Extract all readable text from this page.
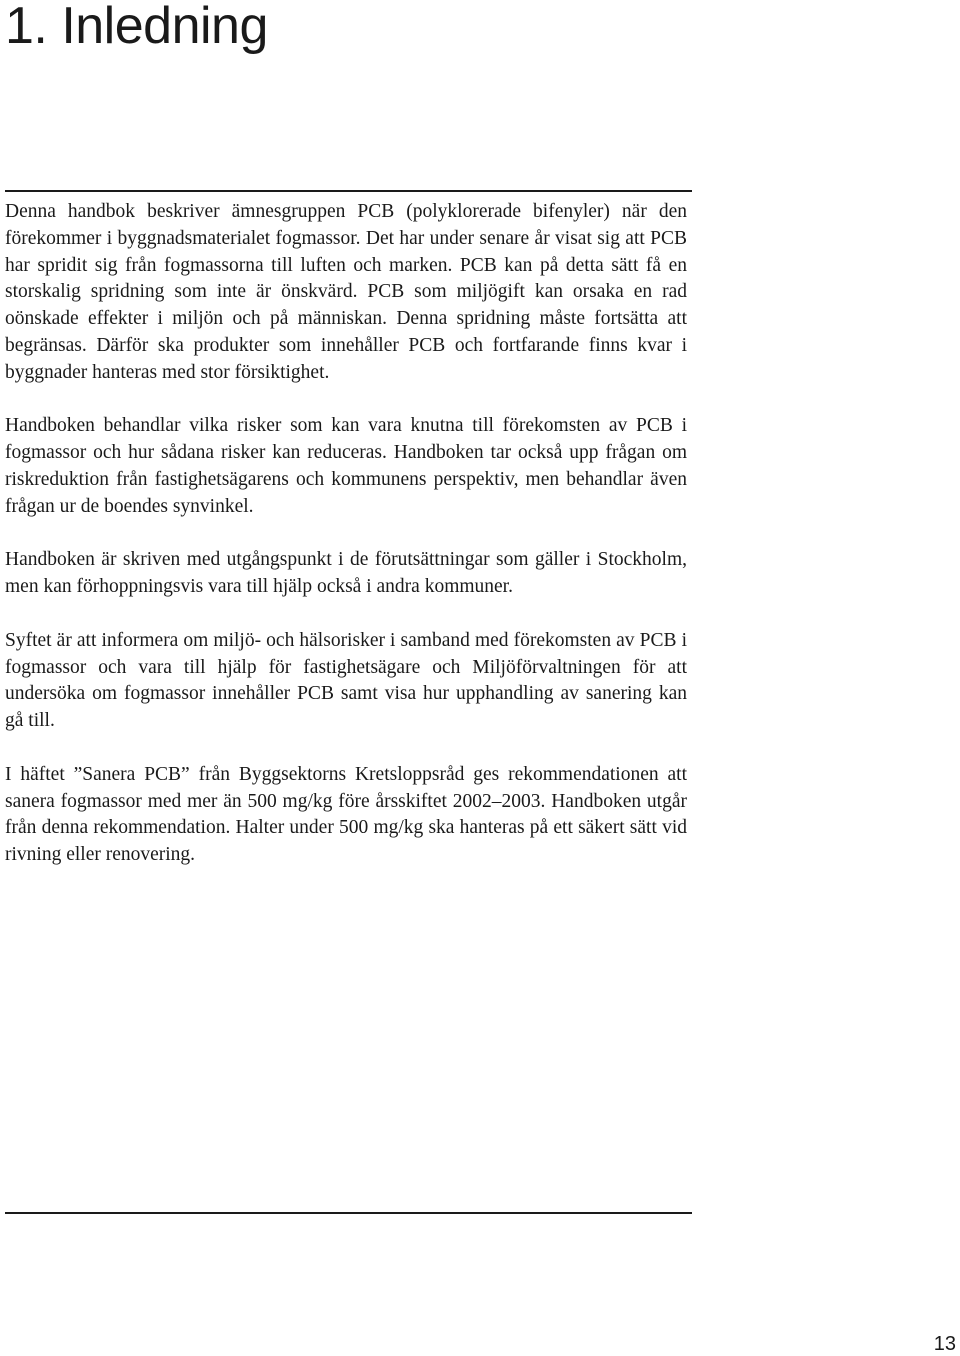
1. Inledning

Denna handbok beskriver ämnesgruppen PCB (polyklorerade bifenyler) när den förekommer i byggnadsmaterialet fogmassor. Det har under senare år visat sig att PCB har spridit sig från fogmassorna till luften och marken. PCB kan på detta sätt få en storskalig spridning som inte är önskvärd. PCB som miljögift kan orsaka en rad oönskade effekter i miljön och på människan. Denna spridning måste fortsätta att begränsas. Därför ska produkter som innehåller PCB och fortfarande finns kvar i byggnader hanteras med stor försiktighet.

Handboken behandlar vilka risker som kan vara knutna till förekomsten av PCB i fogmassor och hur sådana risker kan reduceras. Handboken tar också upp frågan om riskreduktion från fastighetsägarens och kommunens perspektiv, men behandlar även frågan ur de boendes synvinkel.

Handboken är skriven med utgångspunkt i de förutsättningar som gäller i Stockholm, men kan förhoppningsvis vara till hjälp också i andra kommuner.

Syftet är att informera om miljö- och hälsorisker i samband med förekomsten av PCB i fogmassor och vara till hjälp för fastighetsägare och Miljöförvaltningen för att undersöka om fogmassor innehåller PCB samt visa hur upphandling av sanering kan gå till.

I häftet ”Sanera PCB” från Byggsektorns Kretsloppsråd ges rekommendationen att sanera fogmassor med mer än 500 mg/kg före årsskiftet 2002–2003. Handboken utgår från denna rekommendation. Halter under 500 mg/kg ska hanteras på ett säkert sätt vid rivning eller renovering.

13
